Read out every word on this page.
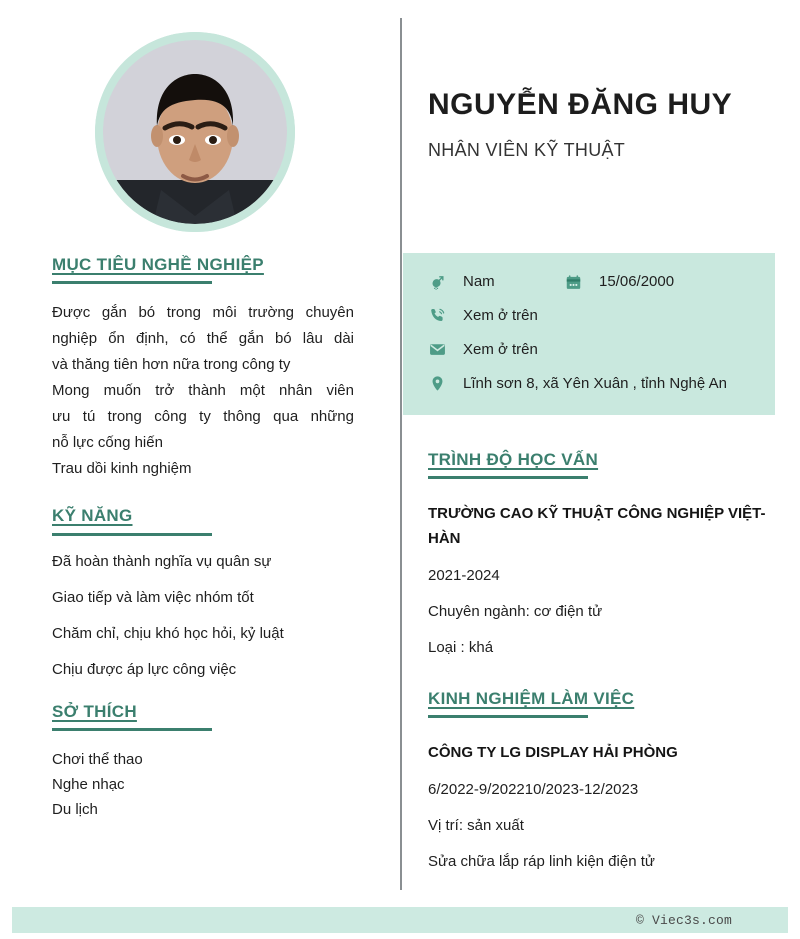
MỤC TIÊU NGHỀ NGHIỆP
Được gắn bó trong môi trường chuyên
nghiệp ổn định, có thể gắn bó lâu dài
và thăng tiên hơn nữa trong công ty
Mong muốn trở thành một nhân viên
ưu tú trong công ty thông qua những
nỗ lực cống hiến
Trau dồi kinh nghiệm
KỸ NĂNG
Đã hoàn thành nghĩa vụ quân sự
Giao tiếp và làm việc nhóm tốt
Chăm chỉ, chịu khó học hỏi, kỷ luật
Chịu được áp lực công việc
SỞ THÍCH
Chơi thể thao
Nghe nhạc
Du lịch
NGUYỄN ĐĂNG HUY
NHÂN VIÊN KỸ THUẬT
Nam	15/06/2000
Xem ở trên
Xem ở trên
Lĩnh sơn 8, xã Yên Xuân , tỉnh Nghệ An
TRÌNH ĐỘ HỌC VẤN
TRƯỜNG CAO KỸ THUẬT CÔNG NGHIỆP VIỆT-HÀN
2021-2024
Chuyên ngành: cơ điện tử
Loại : khá
KINH NGHIỆM LÀM VIỆC
CÔNG TY LG DISPLAY HẢI PHÒNG
6/2022-9/202210/2023-12/2023
Vị trí: sản xuất
Sửa chữa lắp ráp linh kiện điện tử
© Viec3s.com
